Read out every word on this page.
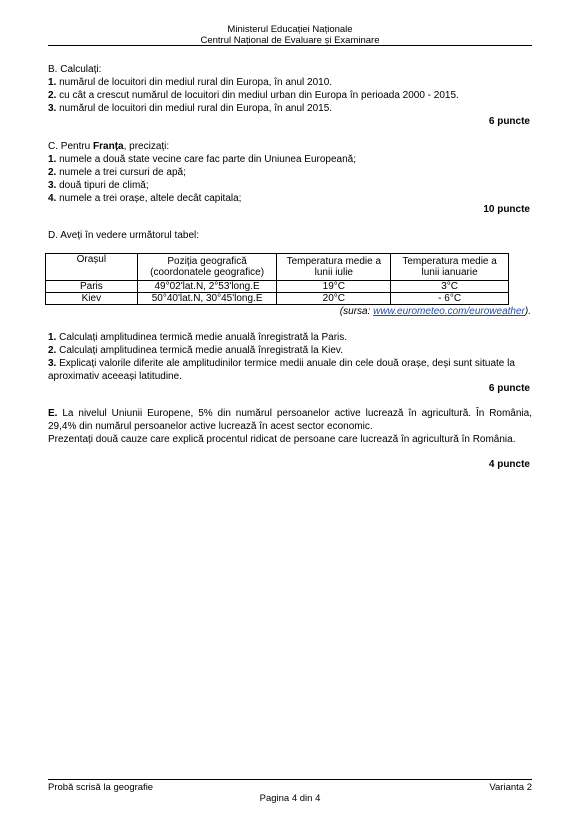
Ministerul Educației Naționale
Centrul Național de Evaluare și Examinare

B. Calculați:

1. numărul de locuitori din mediul rural din Europa, în anul 2010.

2. cu cât a crescut numărul de locuitori din mediul urban din Europa în perioada 2000 - 2015.

3. numărul de locuitori din mediul rural din Europa, în anul 2015.

6 puncte

C. Pentru Franța, precizați:

1. numele a două state vecine care fac parte din Uniunea Europeană;

2. numele a trei cursuri de apă;

3. două tipuri de climă;

4. numele a trei orașe, altele decât capitala;

10 puncte
D. Aveți în vedere următorul tabel:
Orașul	Poziția geografică (coordonatele geografice)	Temperatura medie a lunii iulie	Temperatura medie a lunii ianuarie
Paris	49°02'lat.N, 2°53'long.E	19°C	3°C
Kiev	50°40'lat.N, 30°45'long.E	20°C	- 6°C
(sursa: www.eurometeo.com/euroweather).

1. Calculați amplitudinea termică medie anuală înregistrată la Paris.

2. Calculați amplitudinea termică medie anuală înregistrată la Kiev.

3. Explicați valorile diferite ale amplitudinilor termice medii anuale din cele două orașe, deși sunt situate la aproximativ aceeași latitudine.

6 puncte

E. La nivelul Uniunii Europene, 5% din numărul persoanelor active lucrează în agricultură. În România, 29,4% din numărul persoanelor active lucrează în acest sector economic.

Prezentați două cauze care explică procentul ridicat de persoane care lucrează în agricultură în România.

4 puncte
Probă scrisă la geografie	Varianta 2
Pagina 4 din 4
